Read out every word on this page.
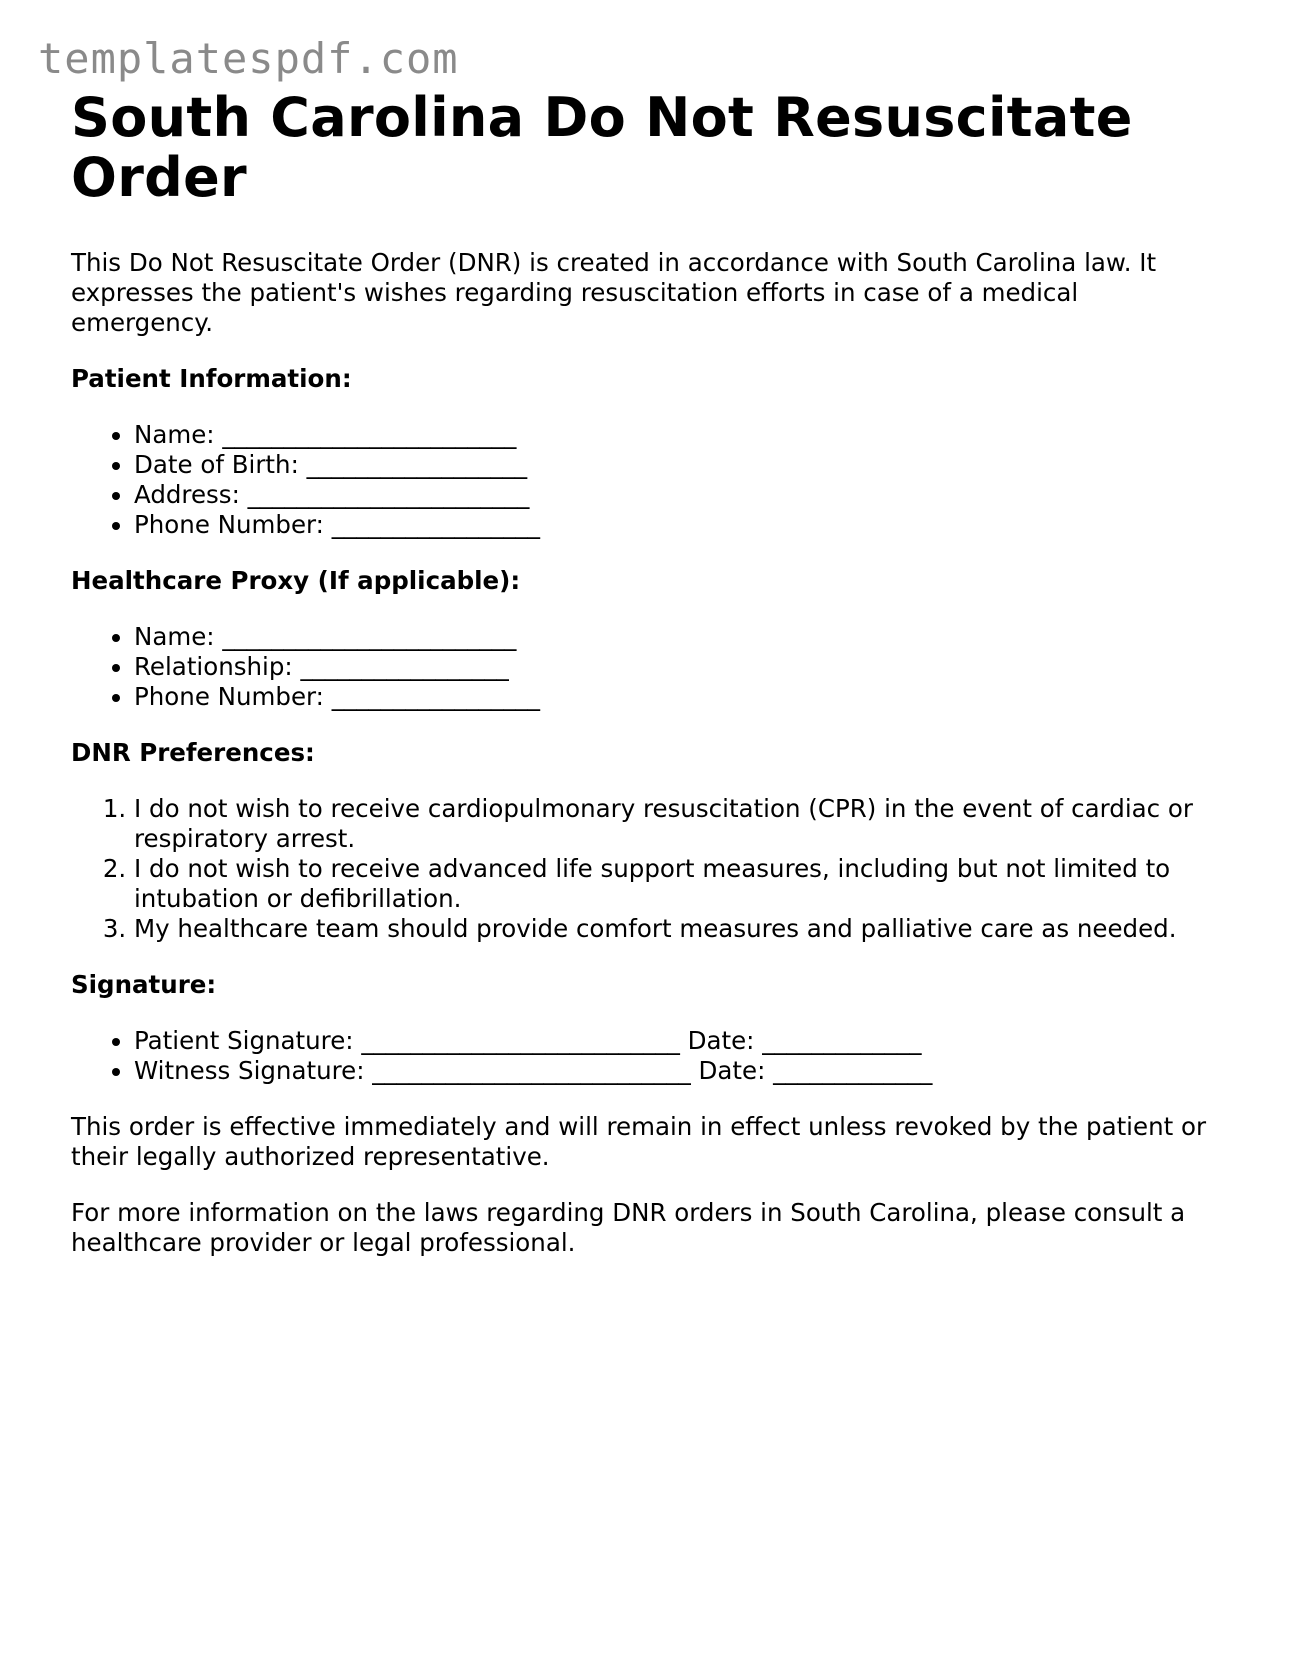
templatespdf.com
South Carolina Do Not Resuscitate Order

This Do Not Resuscitate Order (DNR) is created in accordance with South Carolina law. It expresses the patient's wishes regarding resuscitation efforts in case of a medical emergency.

Patient Information:
• Name: ________________________
• Date of Birth: __________________
• Address: _______________________
• Phone Number: _________________
Healthcare Proxy (If applicable):
• Name: ________________________
• Relationship: _________________
• Phone Number: _________________
DNR Preferences:
1. I do not wish to receive cardiopulmonary resuscitation (CPR) in the event of cardiac or respiratory arrest.
2. I do not wish to receive advanced life support measures, including but not limited to intubation or defibrillation.
3. My healthcare team should provide comfort measures and palliative care as needed.
Signature:
• Patient Signature: __________________________ Date: _____________
• Witness Signature: __________________________ Date: _____________

This order is effective immediately and will remain in effect unless revoked by the patient or their legally authorized representative.

For more information on the laws regarding DNR orders in South Carolina, please consult a healthcare provider or legal professional.
